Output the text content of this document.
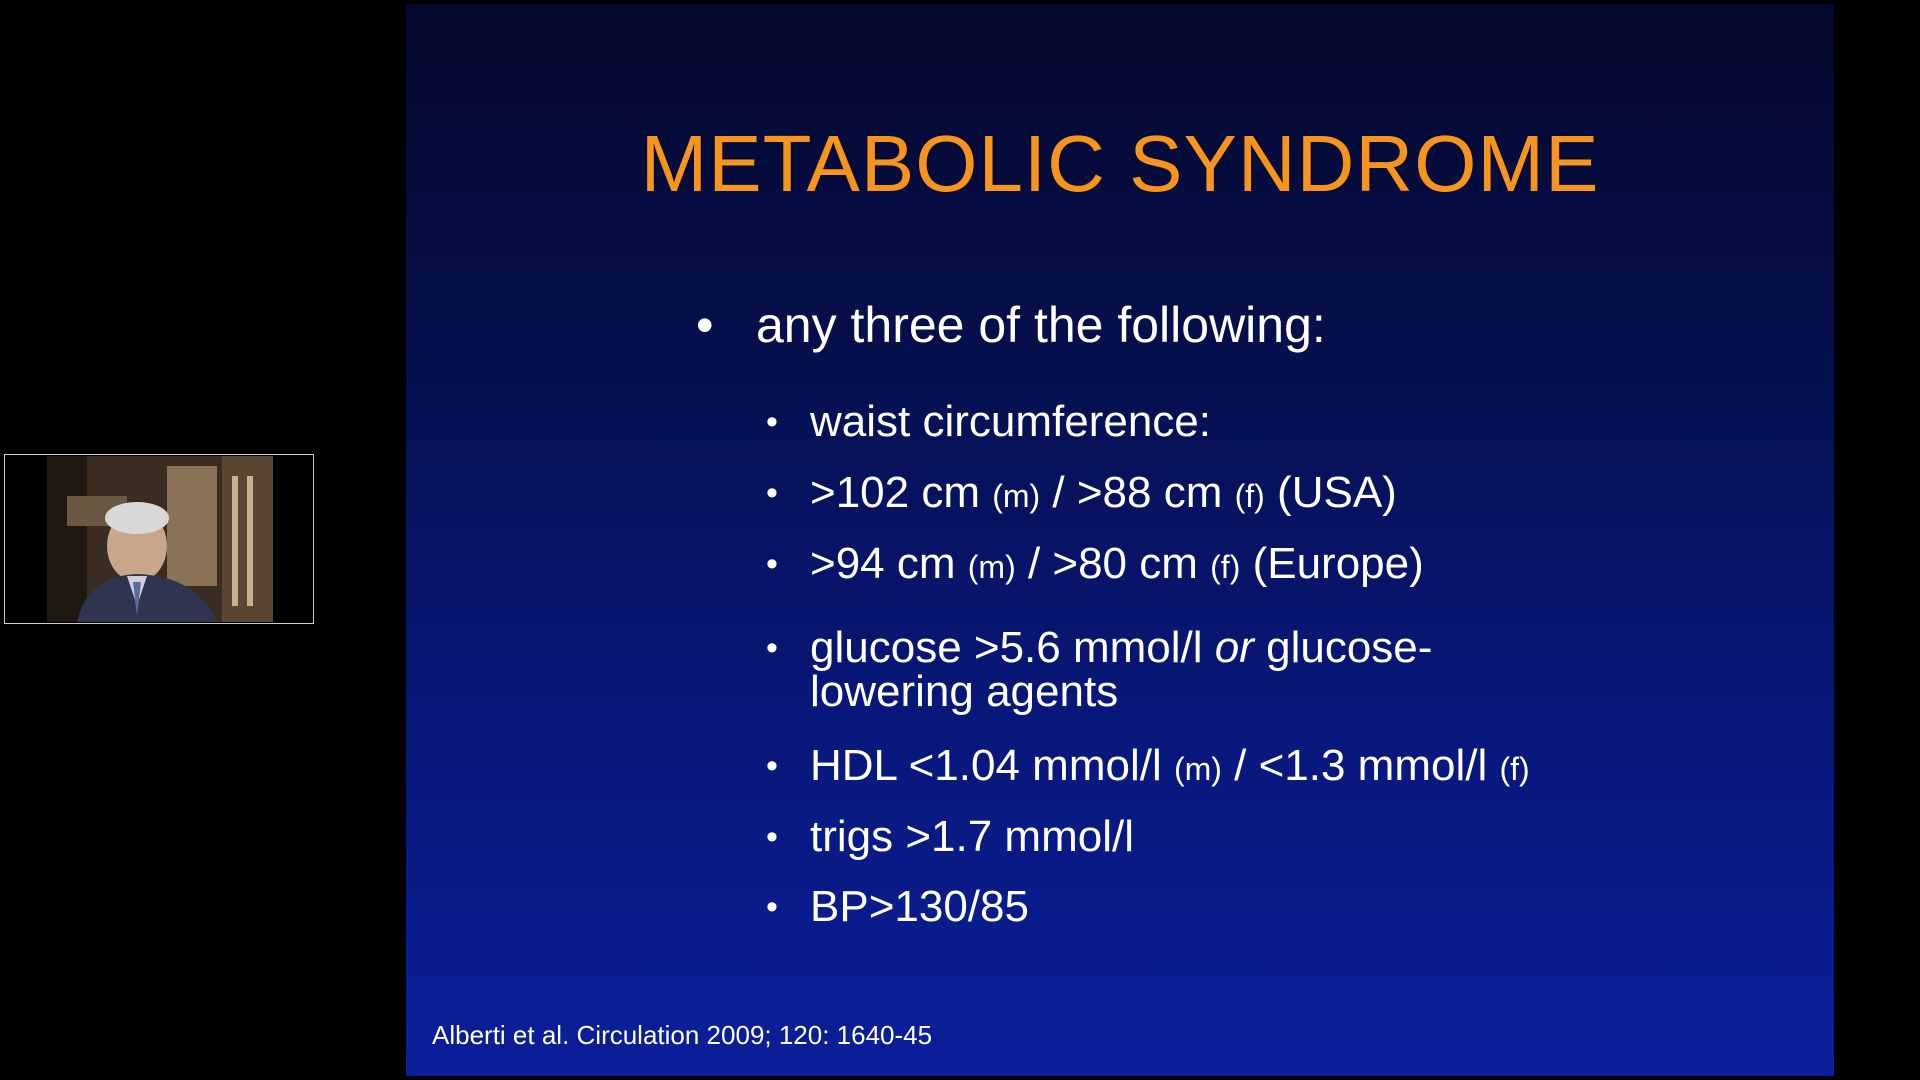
METABOLIC SYNDROME
• any three of the following:
• waist circumference:
• >102 cm (m) / >88 cm (f) (USA)
• >94 cm (m) / >80 cm (f) (Europe)
• glucose >5.6 mmol/l or glucose-
lowering agents
• HDL <1.04 mmol/l (m) / <1.3 mmol/l (f)
• trigs >1.7 mmol/l
• BP>130/85
Alberti et al. Circulation 2009; 120: 1640-45
